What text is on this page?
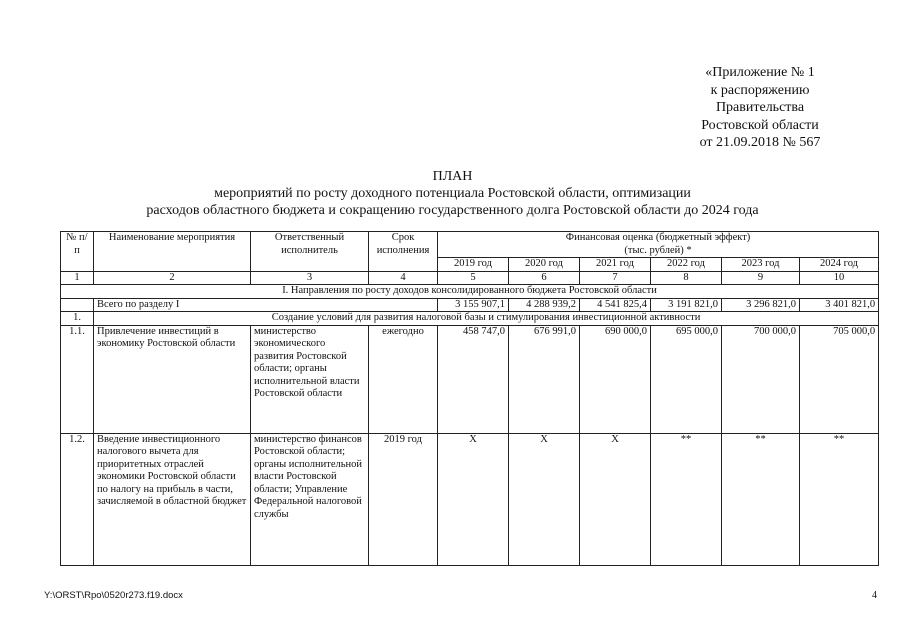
«Приложение № 1
к распоряжению
Правительства
Ростовской области
от 21.09.2018 № 567
ПЛАН
мероприятий по росту доходного потенциала Ростовской области, оптимизации
расходов областного бюджета и сокращению государственного долга Ростовской области до 2024 года
№ п/п	Наименование мероприятия	Ответственный исполнитель	Срок исполнения	Финансовая оценка (бюджетный эффект)
(тыс. рублей) *					

				2019 год	2020 год	2021 год	2022 год	2023 год	2024 год
1	2	3	4	5	6	7	8	9	10
I. Направления по росту доходов консолидированного бюджета Ростовской области									
	Всего по разделу I			3 155 907,1	4 288 939,2	4 541 825,4	3 191 821,0	3 296 821,0	3 401 821,0
1.	Создание условий для развития налоговой базы и стимулирования инвестиционной активности								
1.1.	Привлечение инвестиций в экономику Ростовской области	министерство экономического развития Ростовской области; органы исполнительной власти Ростовской области	ежегодно	458 747,0	676 991,0	690 000,0	695 000,0	700 000,0	705 000,0
1.2.	Введение инвестиционного налогового вычета для приоритетных отраслей экономики Ростовской области по налогу на прибыль в части, зачисляемой в областной бюджет	министерство финансов Ростовской области; органы исполнительной власти Ростовской области; Управление Федеральной налоговой службы	2019 год	X	X	X	**	**	**
Y:\ORST\Rpo\0520r273.f19.docx	4
